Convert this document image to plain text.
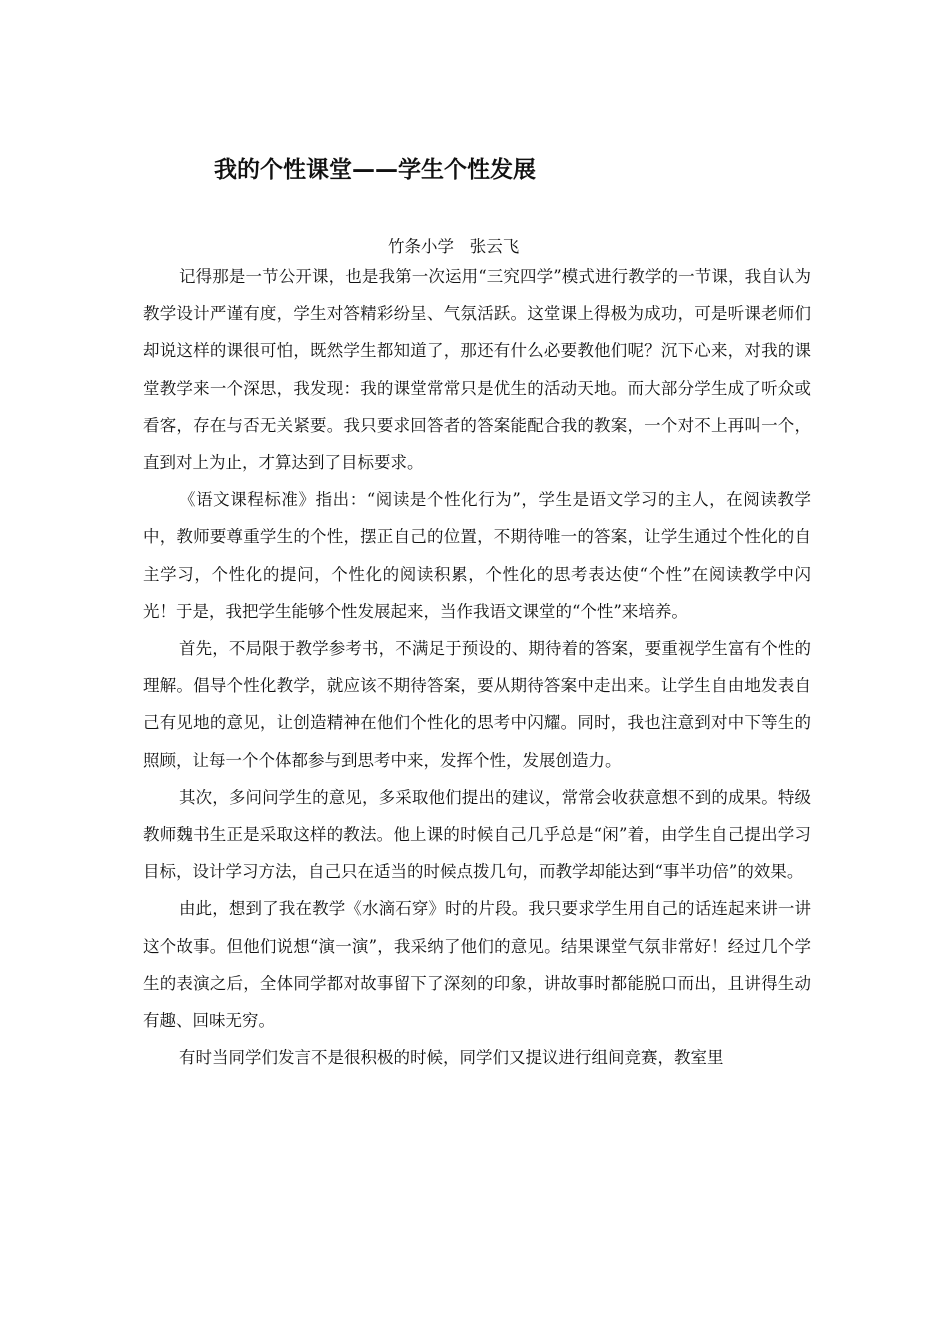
我的个性课堂——学生个性发展
竹条小学   张云飞

记得那是一节公开课，也是我第一次运用“三究四学”模式进行教学的一节课，我自认为教学设计严谨有度，学生对答精彩纷呈、气氛活跃。这堂课上得极为成功，可是听课老师们却说这样的课很可怕，既然学生都知道了，那还有什么必要教他们呢？沉下心来，对我的课堂教学来一个深思，我发现：我的课堂常常只是优生的活动天地。而大部分学生成了听众或看客，存在与否无关紧要。我只要求回答者的答案能配合我的教案，一个对不上再叫一个，直到对上为止，才算达到了目标要求。

《语文课程标准》指出：“阅读是个性化行为”，学生是语文学习的主人，在阅读教学中，教师要尊重学生的个性，摆正自己的位置，不期待唯一的答案，让学生通过个性化的自主学习，个性化的提问，个性化的阅读积累，个性化的思考表达使“个性”在阅读教学中闪光！于是，我把学生能够个性发展起来，当作我语文课堂的“个性”来培养。

首先，不局限于教学参考书，不满足于预设的、期待着的答案，要重视学生富有个性的理解。倡导个性化教学，就应该不期待答案，要从期待答案中走出来。让学生自由地发表自己有见地的意见，让创造精神在他们个性化的思考中闪耀。同时，我也注意到对中下等生的照顾，让每一个个体都参与到思考中来，发挥个性，发展创造力。

其次，多问问学生的意见，多采取他们提出的建议，常常会收获意想不到的成果。特级教师魏书生正是采取这样的教法。他上课的时候自己几乎总是“闲”着，由学生自己提出学习目标，设计学习方法，自己只在适当的时候点拨几句，而教学却能达到“事半功倍”的效果。

由此，想到了我在教学《水滴石穿》时的片段。我只要求学生用自己的话连起来讲一讲这个故事。但他们说想“演一演”，我采纳了他们的意见。结果课堂气氛非常好！经过几个学生的表演之后，全体同学都对故事留下了深刻的印象，讲故事时都能脱口而出，且讲得生动有趣、回味无穷。

有时当同学们发言不是很积极的时候，同学们又提议进行组间竞赛，教室里
